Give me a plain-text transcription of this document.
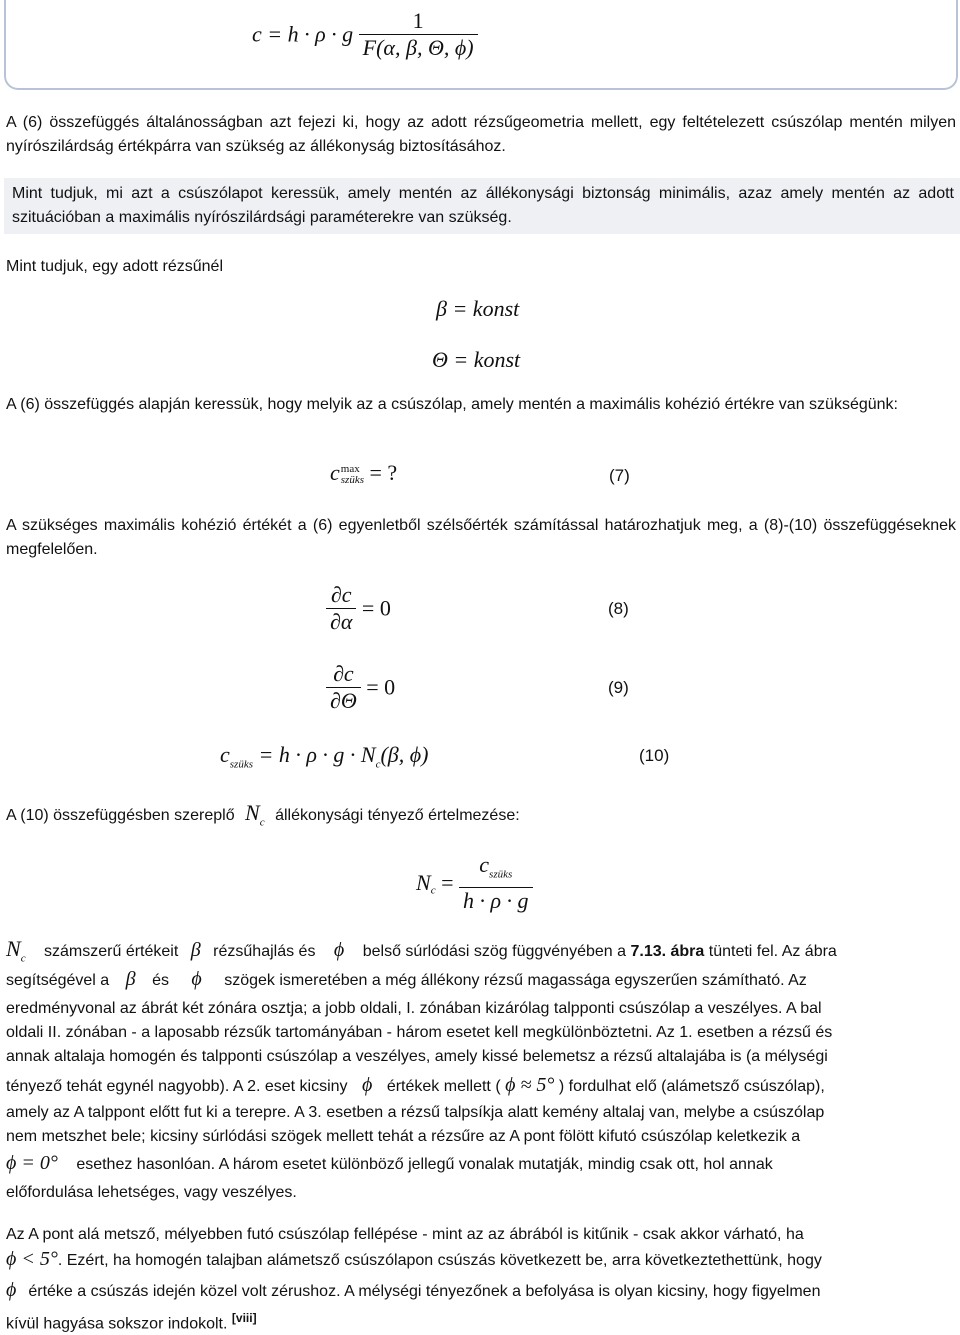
c = h · ρ · g $\frac{1}{F(\alpha, \beta, \Theta, \phi)}$
A (6) összefüggés általánosságban azt fejezi ki, hogy az adott rézsűgeometria mellett, egy feltételezett csúszólap mentén milyen nyírószilárdság értékpárra van szükség az állékonyság biztosításához.
Mint tudjuk, mi azt a csúszólapot keressük, amely mentén az állékonysági biztonság minimális, azaz amely mentén az adott szituációban a maximális nyírószilárdsági paraméterekre van szükség.
Mint tudjuk, egy adott rézsűnél
β = konst
Θ = konst
A (6) összefüggés alapján keressük, hogy melyik az a csúszólap, amely mentén a maximális kohézió értékre van szükségünk:
c max
szüks = ?	(7)
A szükséges maximális kohézió értékét a (6) egyenletből szélsőérték számítással határozhatjuk meg, a (8)-(10) összefüggéseknek megfelelően.
$\frac{\partial c}{\partial\alpha} = 0$	(8)
$\frac{\partial c}{\partial\Theta} = 0$	(9)
$c_{szüks} = h \cdot \rho \cdot g \cdot N_c(\beta$, ϕ)	(10)
A (10) összefüggésben szereplő $N_c$ állékonysági tényező értelmezése:
$N_c = \frac{c_{szüks}}{h \cdot \rho \cdot g}$
$N_c$ számszerű értékeit β rézsűhajlás és ϕ belső súrlódási szög függvényében a 7.13. ábra tünteti fel. Az ábra
segítségével a β és ϕ szögek ismeretében a még állékony rézsű magassága egyszerűen számítható. Az
eredményvonal az ábrát két zónára osztja; a jobb oldali, I. zónában kizárólag talpponti csúszólap a veszélyes. A bal
oldali II. zónában - a laposabb rézsűk tartományában - három esetet kell megkülönböztetni. Az 1. esetben a rézsű és
annak altalaja homogén és talpponti csúszólap a veszélyes, amely kissé belemetsz a rézsű altalajába is (a mélységi
tényező tehát egynél nagyobb). A 2. eset kicsiny ϕ értékek mellett ( ϕ ≈ 5° ) fordulhat elő (alámetsző csúszólap),
amely az A talppont előtt fut ki a terepre. A 3. esetben a rézsű talpsíkja alatt kemény altalaj van, melybe a csúszólap
nem metszhet bele; kicsiny súrlódási szögek mellett tehát a rézsűre az A pont fölött kifutó csúszólap keletkezik a
ϕ = 0° esethez hasonlóan. A három esetet különböző jellegű vonalak mutatják, mindig csak ott, hol annak
előfordulása lehetséges, vagy veszélyes.
Az A pont alá metsző, mélyebben futó csúszólap fellépése - mint az az ábrából is kitűnik - csak akkor várható, ha
ϕ < 5°. Ezért, ha homogén talajban alámetsző csúszólapon csúszás következett be, arra következtethettünk, hogy
ϕ értéke a csúszás idején közel volt zérushoz. A mélységi tényezőnek a befolyása is olyan kicsiny, hogy figyelmen
kívül hagyása sokszor indokolt. [viii]
